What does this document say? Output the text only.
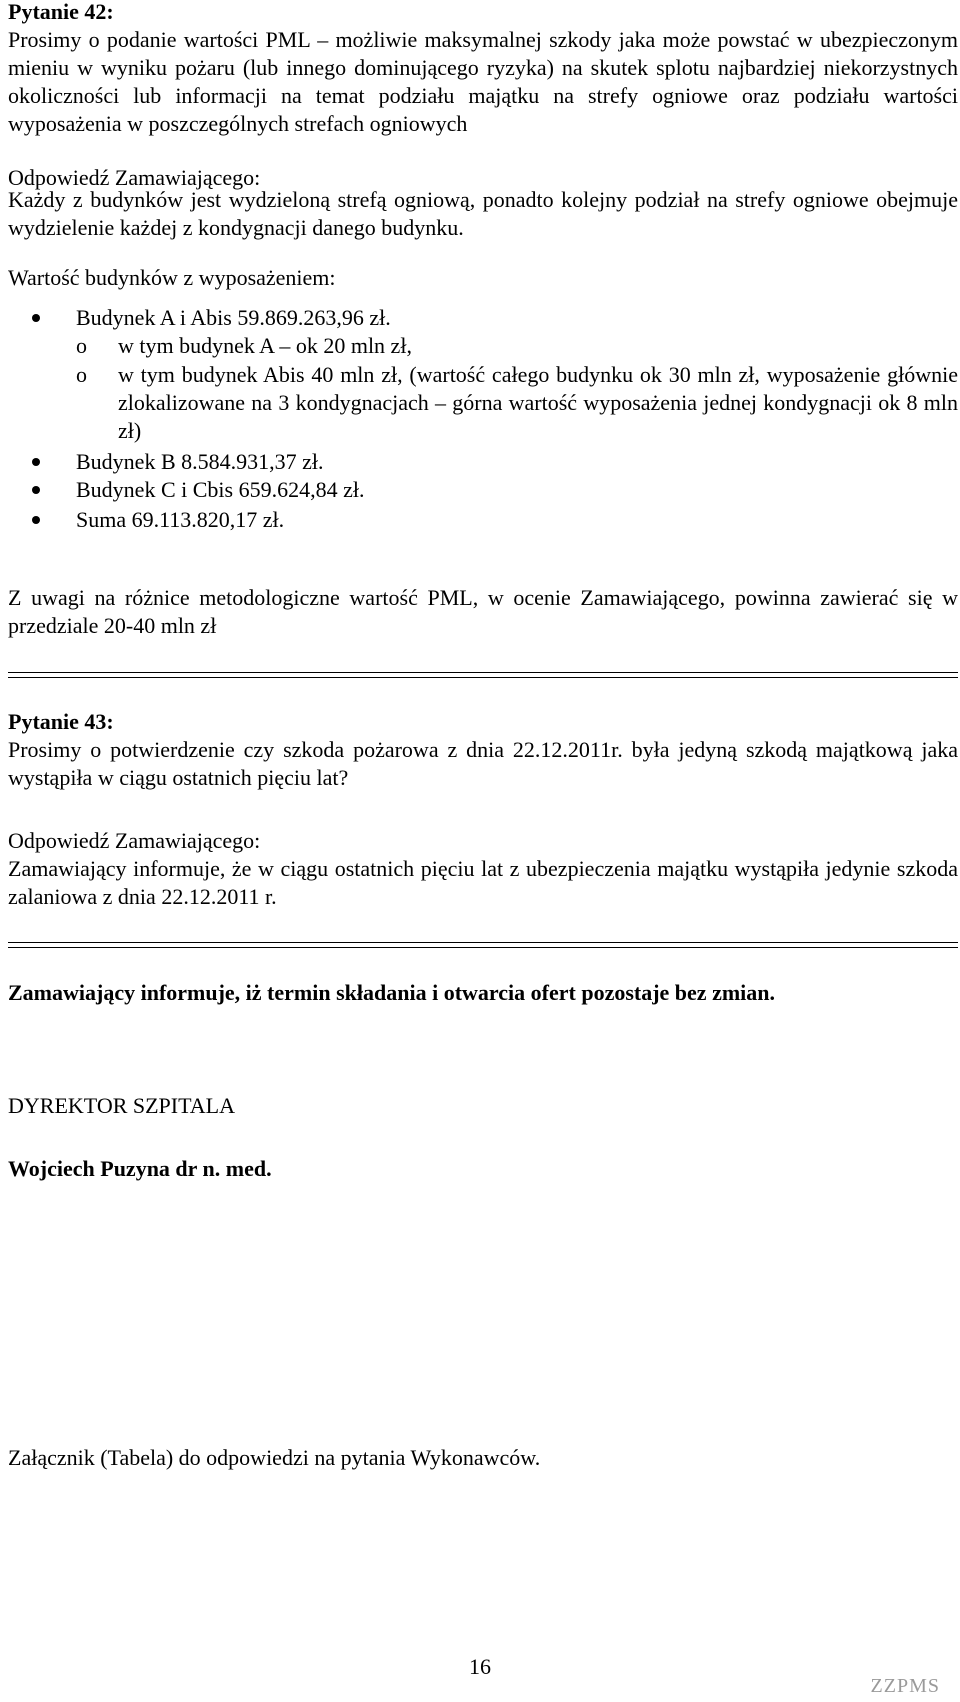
Pytanie 42:
Prosimy o podanie wartości PML – możliwie maksymalnej szkody jaka może powstać w ubezpieczonym mieniu w wyniku pożaru (lub innego dominującego ryzyka) na skutek splotu najbardziej niekorzystnych okoliczności lub informacji na temat podziału majątku na strefy ogniowe oraz podziału wartości wyposażenia w poszczególnych strefach ogniowych
Odpowiedź Zamawiającego:
Każdy z budynków jest wydzieloną strefą ogniową, ponadto kolejny podział na strefy ogniowe obejmuje wydzielenie każdej z kondygnacji danego budynku.
Wartość budynków z wyposażeniem:
Budynek A i Abis 59.869.263,96 zł.
o w tym budynek A – ok 20 mln zł,
o w tym budynek Abis 40 mln zł, (wartość całego budynku ok 30 mln zł, wyposażenie głównie zlokalizowane na 3 kondygnacjach – górna wartość wyposażenia jednej kondygnacji ok 8 mln zł)
Budynek B 8.584.931,37 zł.
Budynek C i Cbis 659.624,84 zł.
Suma 69.113.820,17 zł.
Z uwagi na różnice metodologiczne wartość PML, w ocenie Zamawiającego, powinna zawierać się w przedziale 20-40 mln zł
Pytanie 43:
Prosimy o potwierdzenie czy szkoda pożarowa z dnia 22.12.2011r. była jedyną szkodą majątkową jaka wystąpiła w ciągu ostatnich pięciu lat?
Odpowiedź Zamawiającego:
Zamawiający informuje, że w ciągu ostatnich pięciu lat z ubezpieczenia majątku wystąpiła jedynie szkoda zalaniowa z dnia 22.12.2011 r.
Zamawiający informuje, iż termin składania i otwarcia ofert pozostaje bez zmian.
DYREKTOR SZPITALA
Wojciech Puzyna dr n. med.
Załącznik (Tabela) do odpowiedzi na pytania Wykonawców.
16
ZZPMS
